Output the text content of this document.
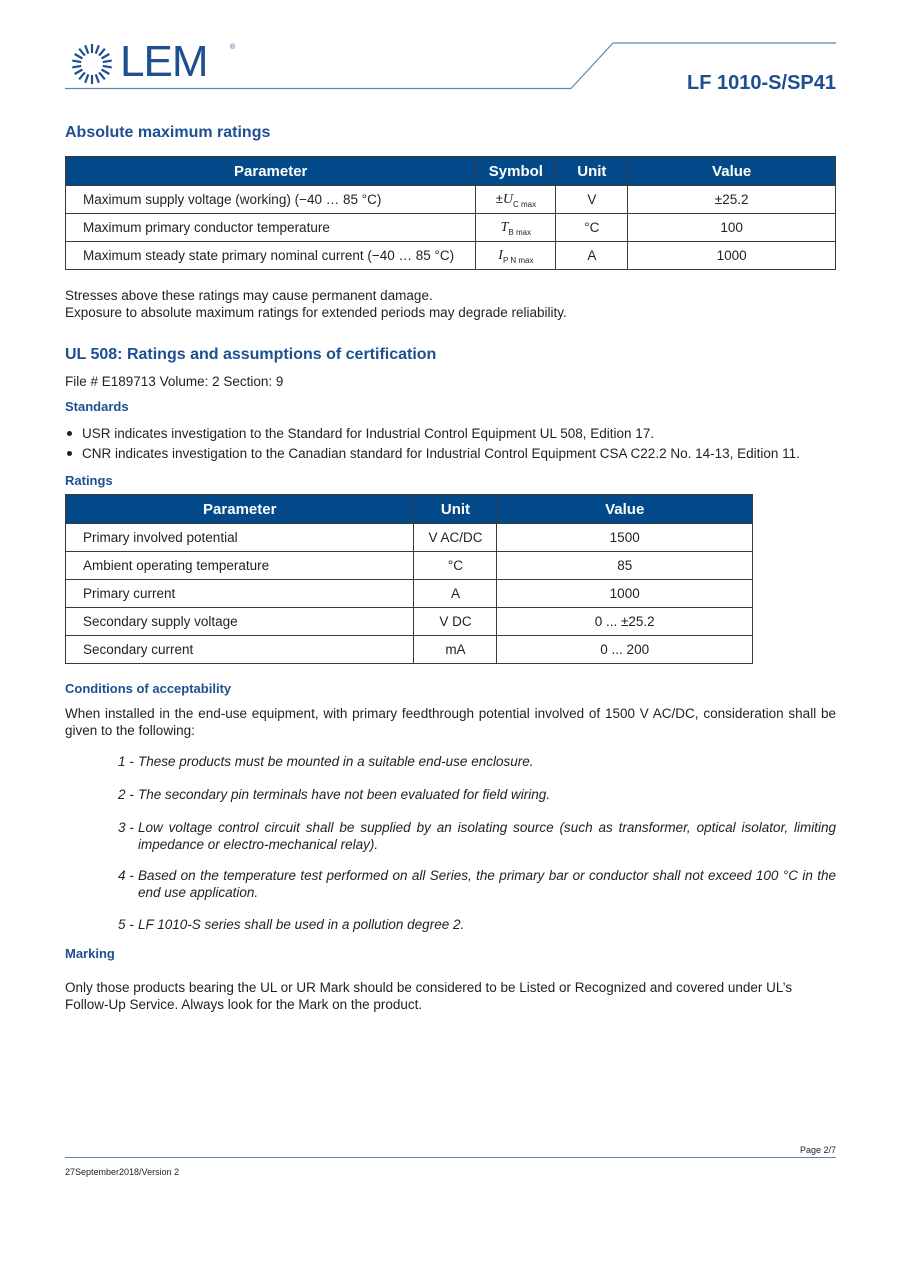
LEM	®
LF 1010-S/SP41
Absolute maximum ratings
Parameter	Symbol	Unit	Value
Maximum supply voltage (working) (−40 … 85 °C)	$\pm U_{C max}$	V	±25.2
Maximum primary conductor temperature	$T_{B max}$	°C	100
Maximum steady state primary nominal current (−40 … 85 °C)	$I_{P N max}$	A	1000
Stresses above these ratings may cause permanent damage.
Exposure to absolute maximum ratings for extended periods may degrade reliability.
UL 508: Ratings and assumptions of certification
File # E189713 Volume: 2 Section: 9
Standards
USR indicates investigation to the Standard for Industrial Control Equipment UL 508, Edition 17.
CNR indicates investigation to the Canadian standard for Industrial Control Equipment CSA C22.2 No. 14-13, Edition 11.
Ratings
Parameter	Unit	Value
Primary involved potential	V AC/DC	1500
Ambient operating temperature	°C	85
Primary current	A	1000
Secondary supply voltage	V DC	0 ... ±25.2
Secondary current	mA	0 ... 200
Conditions of acceptability
When installed in the end-use equipment, with primary feedthrough potential involved of 1500 V AC/DC, consideration shall be given to the following:
1 - These products must be mounted in a suitable end-use enclosure.
2 - The secondary pin terminals have not been evaluated for field wiring.
3 - Low voltage control circuit shall be supplied by an isolating source (such as transformer, optical isolator, limiting impedance or electro-mechanical relay).
4 - Based on the temperature test performed on all Series, the primary bar or conductor shall not exceed 100 °C in the end use application.
5 - LF 1010-S series shall be used in a pollution degree 2.
Marking
Only those products bearing the UL or UR Mark should be considered to be Listed or Recognized and covered under UL’s Follow-Up Service. Always look for the Mark on the product.
Page 2/7
27September2018/Version 2
